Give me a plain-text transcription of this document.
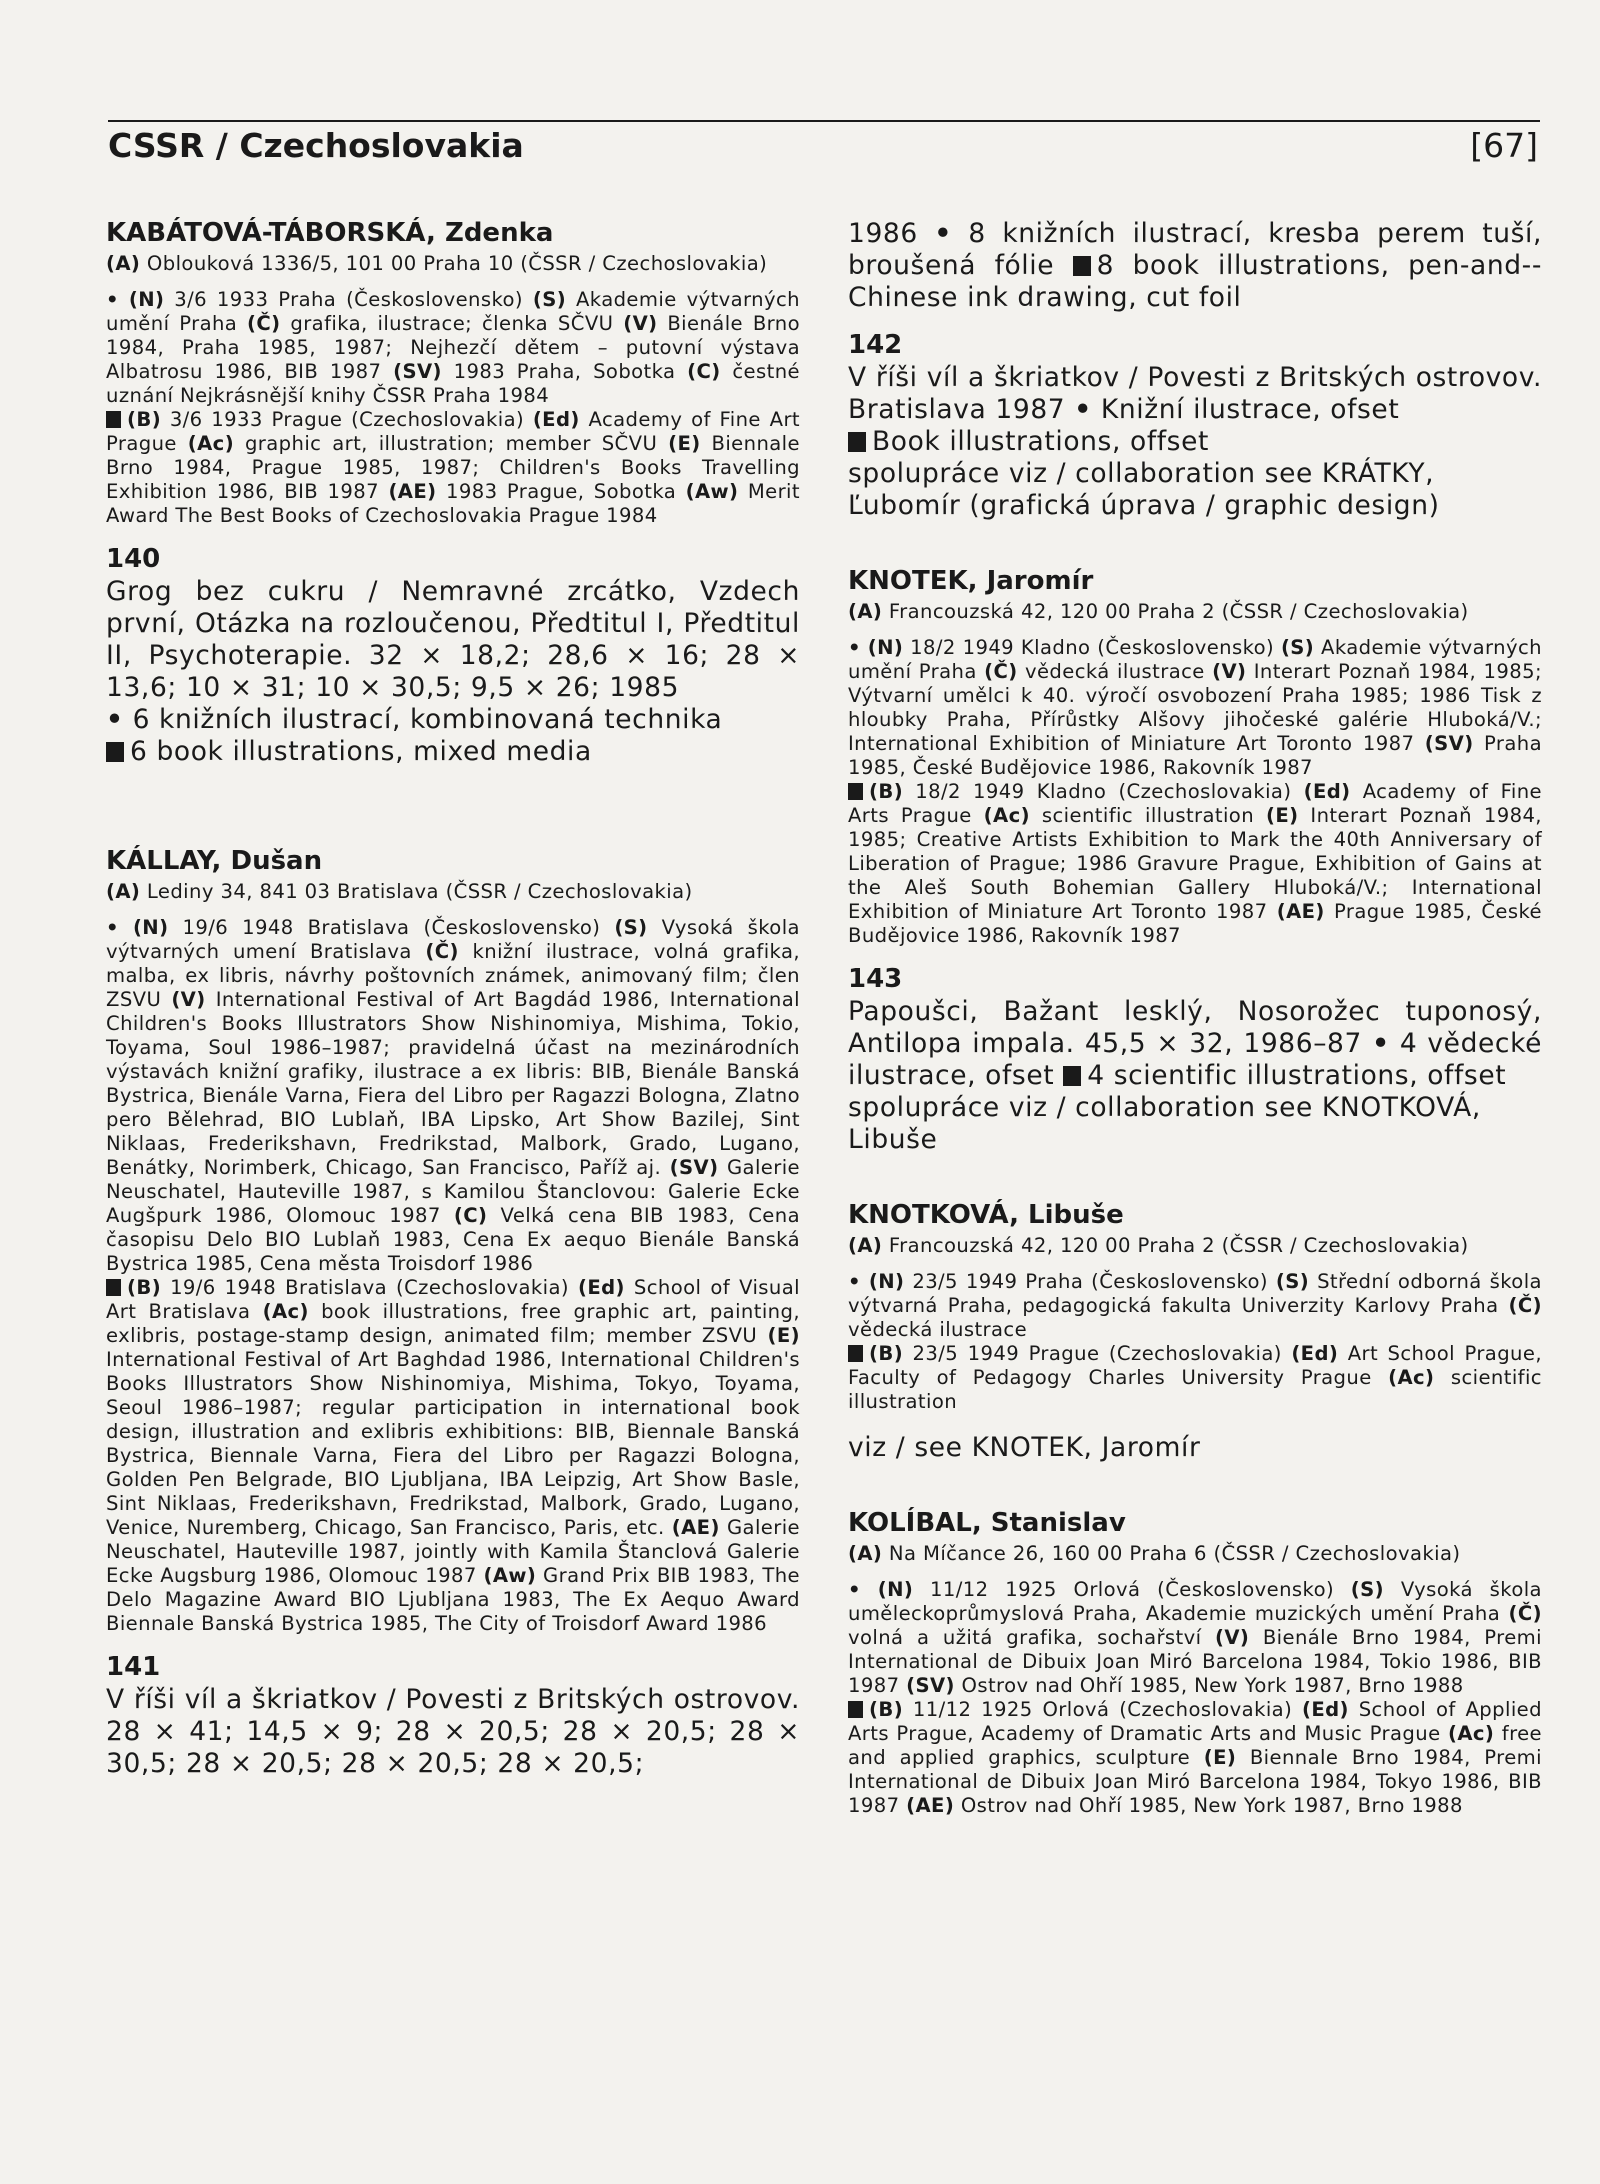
CSSR / Czechoslovakia	[67]
KABÁTOVÁ-TÁBORSKÁ, Zdenka

(A) Oblouková 1336/5, 101 00 Praha 10 (ČSSR / Czechoslovakia)

• (N) 3/6 1933 Praha (Československo) (S) Akademie výtvarných umění Praha (Č) grafika, ilustrace; členka SČVU (V) Bienále Brno 1984, Praha 1985, 1987; Nejhezčí dětem – putovní výstava Albatrosu 1986, BIB 1987 (SV) 1983 Praha, Sobotka (C) čestné uznání Nejkrásnější knihy ČSSR Praha 1984

(B) 3/6 1933 Prague (Czechoslovakia) (Ed) Academy of Fine Art Prague (Ac) graphic art, illustration; member SČVU (E) Biennale Brno 1984, Prague 1985, 1987; Children's Books Travelling Exhibition 1986, BIB 1987 (AE) 1983 Prague, Sobotka (Aw) Merit Award The Best Books of Czechoslovakia Prague 1984

140

Grog bez cukru / Nemravné zrcátko, Vzdech první, Otázka na rozloučenou, Předtitul I, Předtitul II, Psychoterapie. 32 × 18,2; 28,6 × 16; 28 × 13,6; 10 × 31; 10 × 30,5; 9,5 × 26; 1985
• 6 knižních ilustrací, kombinovaná technika
6 book illustrations, mixed media

KÁLLAY, Dušan

(A) Lediny 34, 841 03 Bratislava (ČSSR / Czechoslovakia)

• (N) 19/6 1948 Bratislava (Československo) (S) Vysoká škola výtvarných umení Bratislava (Č) knižní ilustrace, volná grafika, malba, ex libris, návrhy poštovních známek, animovaný film; člen ZSVU (V) International Festival of Art Bagdád 1986, International Children's Books Illustrators Show Nishinomiya, Mishima, Tokio, Toyama, Soul 1986–1987; pravidelná účast na mezinárodních výstavách knižní grafiky, ilustrace a ex libris: BIB, Bienále Banská Bystrica, Bienále Varna, Fiera del Libro per Ragazzi Bologna, Zlatno pero Bělehrad, BIO Lublaň, IBA Lipsko, Art Show Bazilej, Sint Niklaas, Frederikshavn, Fredrikstad, Malbork, Grado, Lugano, Benátky, Norimberk, Chicago, San Francisco, Paříž aj. (SV) Galerie Neuschatel, Hauteville 1987, s Kamilou Štanclovou: Galerie Ecke Augšpurk 1986, Olomouc 1987 (C) Velká cena BIB 1983, Cena časopisu Delo BIO Lublaň 1983, Cena Ex aequo Bienále Banská Bystrica 1985, Cena města Troisdorf 1986

(B) 19/6 1948 Bratislava (Czechoslovakia) (Ed) School of Visual Art Bratislava (Ac) book illustrations, free graphic art, painting, exlibris, postage-stamp design, animated film; member ZSVU (E) International Festival of Art Baghdad 1986, International Children's Books Illustrators Show Nishinomiya, Mishima, Tokyo, Toyama, Seoul 1986–1987; regular participation in international book design, illustration and exlibris exhibitions: BIB, Biennale Banská Bystrica, Biennale Varna, Fiera del Libro per Ragazzi Bologna, Golden Pen Belgrade, BIO Ljubljana, IBA Leipzig, Art Show Basle, Sint Niklaas, Frederikshavn, Fredrikstad, Malbork, Grado, Lugano, Venice, Nuremberg, Chicago, San Francisco, Paris, etc. (AE) Galerie Neuschatel, Hauteville 1987, jointly with Kamila Štanclová Galerie Ecke Augsburg 1986, Olomouc 1987 (Aw) Grand Prix BIB 1983, The Delo Magazine Award BIO Ljubljana 1983, The Ex Aequo Award Biennale Banská Bystrica 1985, The City of Troisdorf Award 1986

141

V říši víl a škriatkov / Povesti z Britských ostrovov. 28 × 41; 14,5 × 9; 28 × 20,5; 28 × 20,5; 28 × 30,5; 28 × 20,5; 28 × 20,5; 28 × 20,5;

1986 • 8 knižních ilustrací, kresba perem tuší, broušená fólie 8 book illustrations, pen-and--Chinese ink drawing, cut foil

142

V říši víl a škriatkov / Povesti z Britských ostrovov. Bratislava 1987 • Knižní ilustrace, ofset
Book illustrations, offset

spolupráce viz / collaboration see KRÁTKY, Ľubomír (grafická úprava / graphic design)

KNOTEK, Jaromír

(A) Francouzská 42, 120 00 Praha 2 (ČSSR / Czechoslovakia)

• (N) 18/2 1949 Kladno (Československo) (S) Akademie výtvarných umění Praha (Č) vědecká ilustrace (V) Interart Poznaň 1984, 1985; Výtvarní umělci k 40. výročí osvobození Praha 1985; 1986 Tisk z hloubky Praha, Přírůstky Alšovy jihočeské galérie Hluboká/V.; International Exhibition of Miniature Art Toronto 1987 (SV) Praha 1985, České Budějovice 1986, Rakovník 1987

(B) 18/2 1949 Kladno (Czechoslovakia) (Ed) Academy of Fine Arts Prague (Ac) scientific illustration (E) Interart Poznaň 1984, 1985; Creative Artists Exhibition to Mark the 40th Anniversary of Liberation of Prague; 1986 Gravure Prague, Exhibition of Gains at the Aleš South Bohemian Gallery Hluboká/V.; International Exhibition of Miniature Art Toronto 1987 (AE) Prague 1985, České Budějovice 1986, Rakovník 1987

143

Papoušci, Bažant lesklý, Nosorožec tuponosý, Antilopa impala. 45,5 × 32, 1986–87 • 4 vědecké ilustrace, ofset 4 scientific illustrations, offset

spolupráce viz / collaboration see KNOTKOVÁ, Libuše

KNOTKOVÁ, Libuše

(A) Francouzská 42, 120 00 Praha 2 (ČSSR / Czechoslovakia)

• (N) 23/5 1949 Praha (Československo) (S) Střední odborná škola výtvarná Praha, pedagogická fakulta Univerzity Karlovy Praha (Č) vědecká ilustrace

(B) 23/5 1949 Prague (Czechoslovakia) (Ed) Art School Prague, Faculty of Pedagogy Charles University Prague (Ac) scientific illustration

viz / see KNOTEK, Jaromír

KOLÍBAL, Stanislav

(A) Na Míčance 26, 160 00 Praha 6 (ČSSR / Czechoslovakia)

• (N) 11/12 1925 Orlová (Československo) (S) Vysoká škola uměleckoprůmyslová Praha, Akademie muzických umění Praha (Č) volná a užitá grafika, sochařství (V) Bienále Brno 1984, Premi International de Dibuix Joan Miró Barcelona 1984, Tokio 1986, BIB 1987 (SV) Ostrov nad Ohří 1985, New York 1987, Brno 1988

(B) 11/12 1925 Orlová (Czechoslovakia) (Ed) School of Applied Arts Prague, Academy of Dramatic Arts and Music Prague (Ac) free and applied graphics, sculpture (E) Biennale Brno 1984, Premi International de Dibuix Joan Miró Barcelona 1984, Tokyo 1986, BIB 1987 (AE) Ostrov nad Ohří 1985, New York 1987, Brno 1988
